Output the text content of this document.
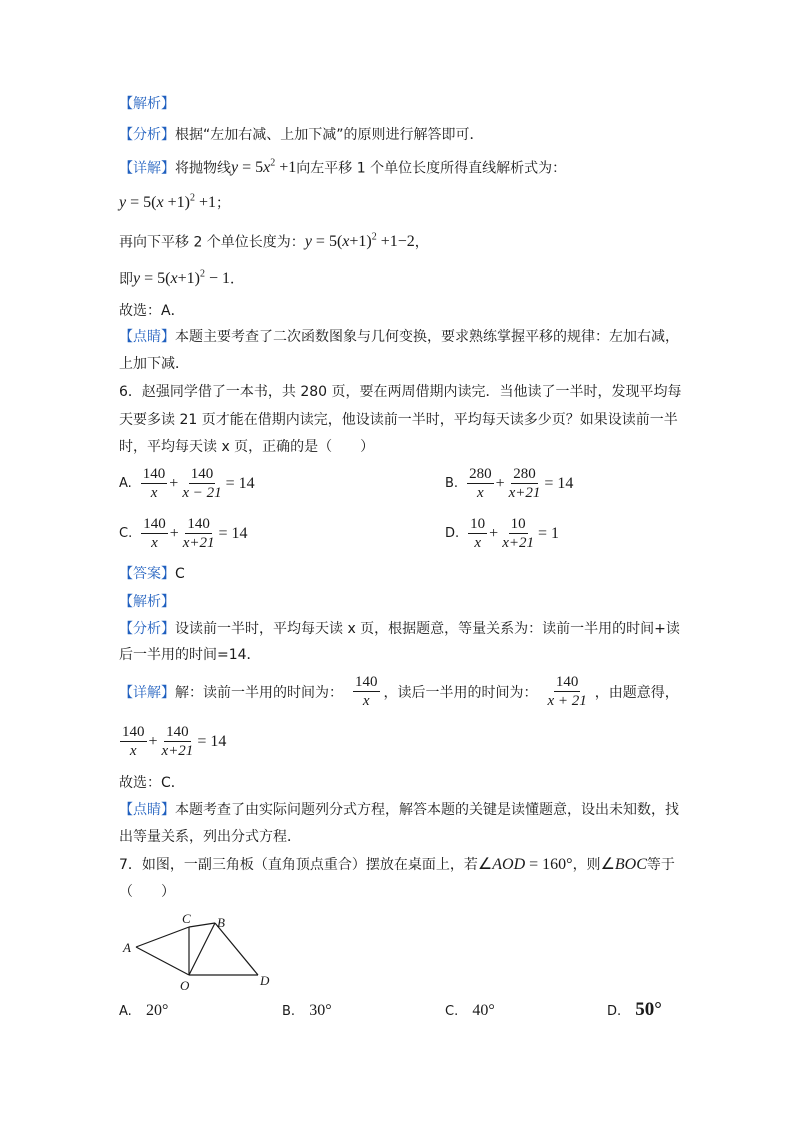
【解析】
【分析】根据“左加右减、上加下减”的原则进行解答即可．
【详解】将抛物线$y = 5x^2 +1$向左平移 1 个单位长度所得直线解析式为：
$y = 5(x +1)^2 +1$；
再向下平移 2 个单位长度为：$y = 5(x+1)^2 +1-2$，
即$y = 5(x+1)^2 - 1$．
故选：A．
【点睛】本题主要考查了二次函数图象与几何变换，要求熟练掌握平移的规律：左加右减，
上加下减．
6．赵强同学借了一本书，共 280 页，要在两周借期内读完．当他读了一半时，发现平均每
天要多读 21 页才能在借期内读完，他设读前一半时，平均每天读多少页？如果设读前一半
时，平均每天读 x 页，正确的是（　　）
A. $\frac{140}{x} + \frac{140}{x - 21} = 14$	B. $\frac{280}{x} + \frac{280}{x+21} = 14$
C. $\frac{140}{x} + \frac{140}{x+21} = 14$	D. $\frac{10}{x} + \frac{10}{x+21} = 1$
【答案】C
【解析】
【分析】设读前一半时，平均每天读 x 页，根据题意，等量关系为：读前一半用的时间+读
后一半用的时间=14．
【详解】 解：读前一半用的时间为： $\frac{140}{x}$ ，读后一半用的时间为： $\frac{140}{x + 21}$ ，由题意得，
$\frac{140}{x} + \frac{140}{x+21} = 14$
故选：C．
【点睛】本题考查了由实际问题列分式方程，解答本题的关键是读懂题意，设出未知数，找
出等量关系，列出分式方程．
7．如图，一副三角板（直角顶点重合）摆放在桌面上，若∠AOD = 160°，则∠BOC等于
（　　）
A
C B
O	D
A. 20°	B. 30°	C. 40°	D. 50°
